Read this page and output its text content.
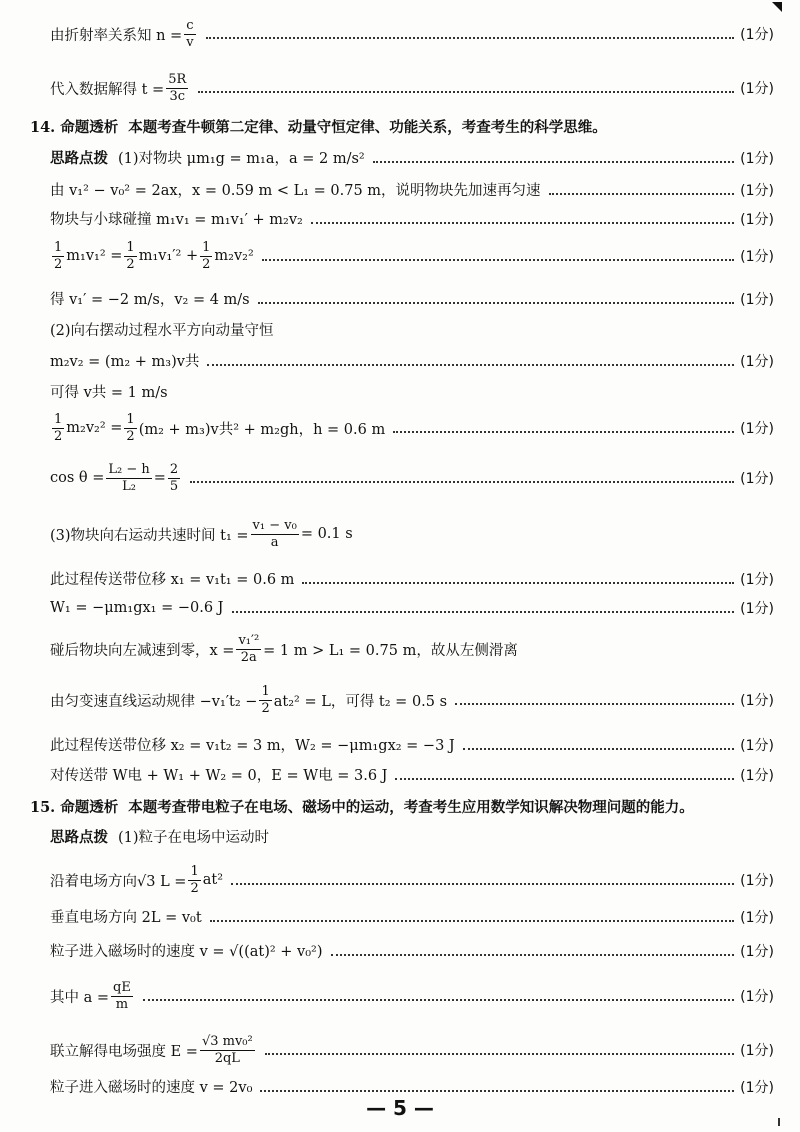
由折射率关系知 $n = \frac{c}{v}$	(1分)
代入数据解得 $t = \frac{5R}{3c}$	(1分)
14. 命题透析 本题考查牛顿第二定律、动量守恒定律、功能关系，考查考生的科学思维。
思路点拨 (1)对物块 μm₁g = m₁a，a = 2 m/s²	(1分)
由 v₁² − v₀² = 2ax，x = 0.59 m < L₁ = 0.75 m，说明物块先加速再匀速	(1分)
物块与小球碰撞 m₁v₁ = m₁v₁′ + m₂v₂	(1分)
$\frac{1}{2} m_1v_1^2 = \frac{1}{2} m_1v_1'^2 + \frac{1}{2} m_2v_2^2$	(1分)
得 v₁′ = −2 m/s，v₂ = 4 m/s	(1分)
(2)向右摆动过程水平方向动量守恒
m₂v₂ = (m₂ + m₃)v共	(1分)
可得 v共 = 1 m/s
$\frac{1}{2} m_2v_2^2 = \frac{1}{2} (m_2 + m_3)v$共² + m₂gh，h = 0.6 m	(1分)
$\cos \theta = \frac{\text{L₂ − h}}{\text{L₂}} = \frac{2}{5}$	(1分)
(3)物块向右运动共速时间 $t_1 = \frac{\text{v₁ − v₀}}{a} = 0.1$ s
此过程传送带位移 x₁ = v₁t₁ = 0.6 m	(1分)
W₁ = −μm₁gx₁ = −0.6 J	(1分)
碰后物块向左减速到零，$x = \frac{\text{v₁′²}}{2a} = 1$ m > L₁ = 0.75 m，故从左侧滑离
由匀变速直线运动规律 $-v_1't_2 - \frac{1}{2} at_2^2 = L$，可得 t₂ = 0.5 s	(1分)
此过程传送带位移 x₂ = v₁t₂ = 3 m，W₂ = −μm₁gx₂ = −3 J	(1分)
对传送带 W电 + W₁ + W₂ = 0，E = W电 = 3.6 J	(1分)
15. 命题透析 本题考查带电粒子在电场、磁场中的运动，考查考生应用数学知识解决物理问题的能力。
思路点拨 (1)粒子在电场中运动时
沿着电场方向√3 $L = \frac{1}{2} at^2$	(1分)
垂直电场方向 2L = v₀t	(1分)
粒子进入磁场时的速度 v = √((at)² + v₀²)	(1分)
其中 $a = \frac{qE}{m}$	(1分)
联立解得电场强度 $E = \frac{\text{√3 mv₀²}}{2qL}$	(1分)
粒子进入磁场时的速度 v = 2v₀	(1分)
— 5 —
